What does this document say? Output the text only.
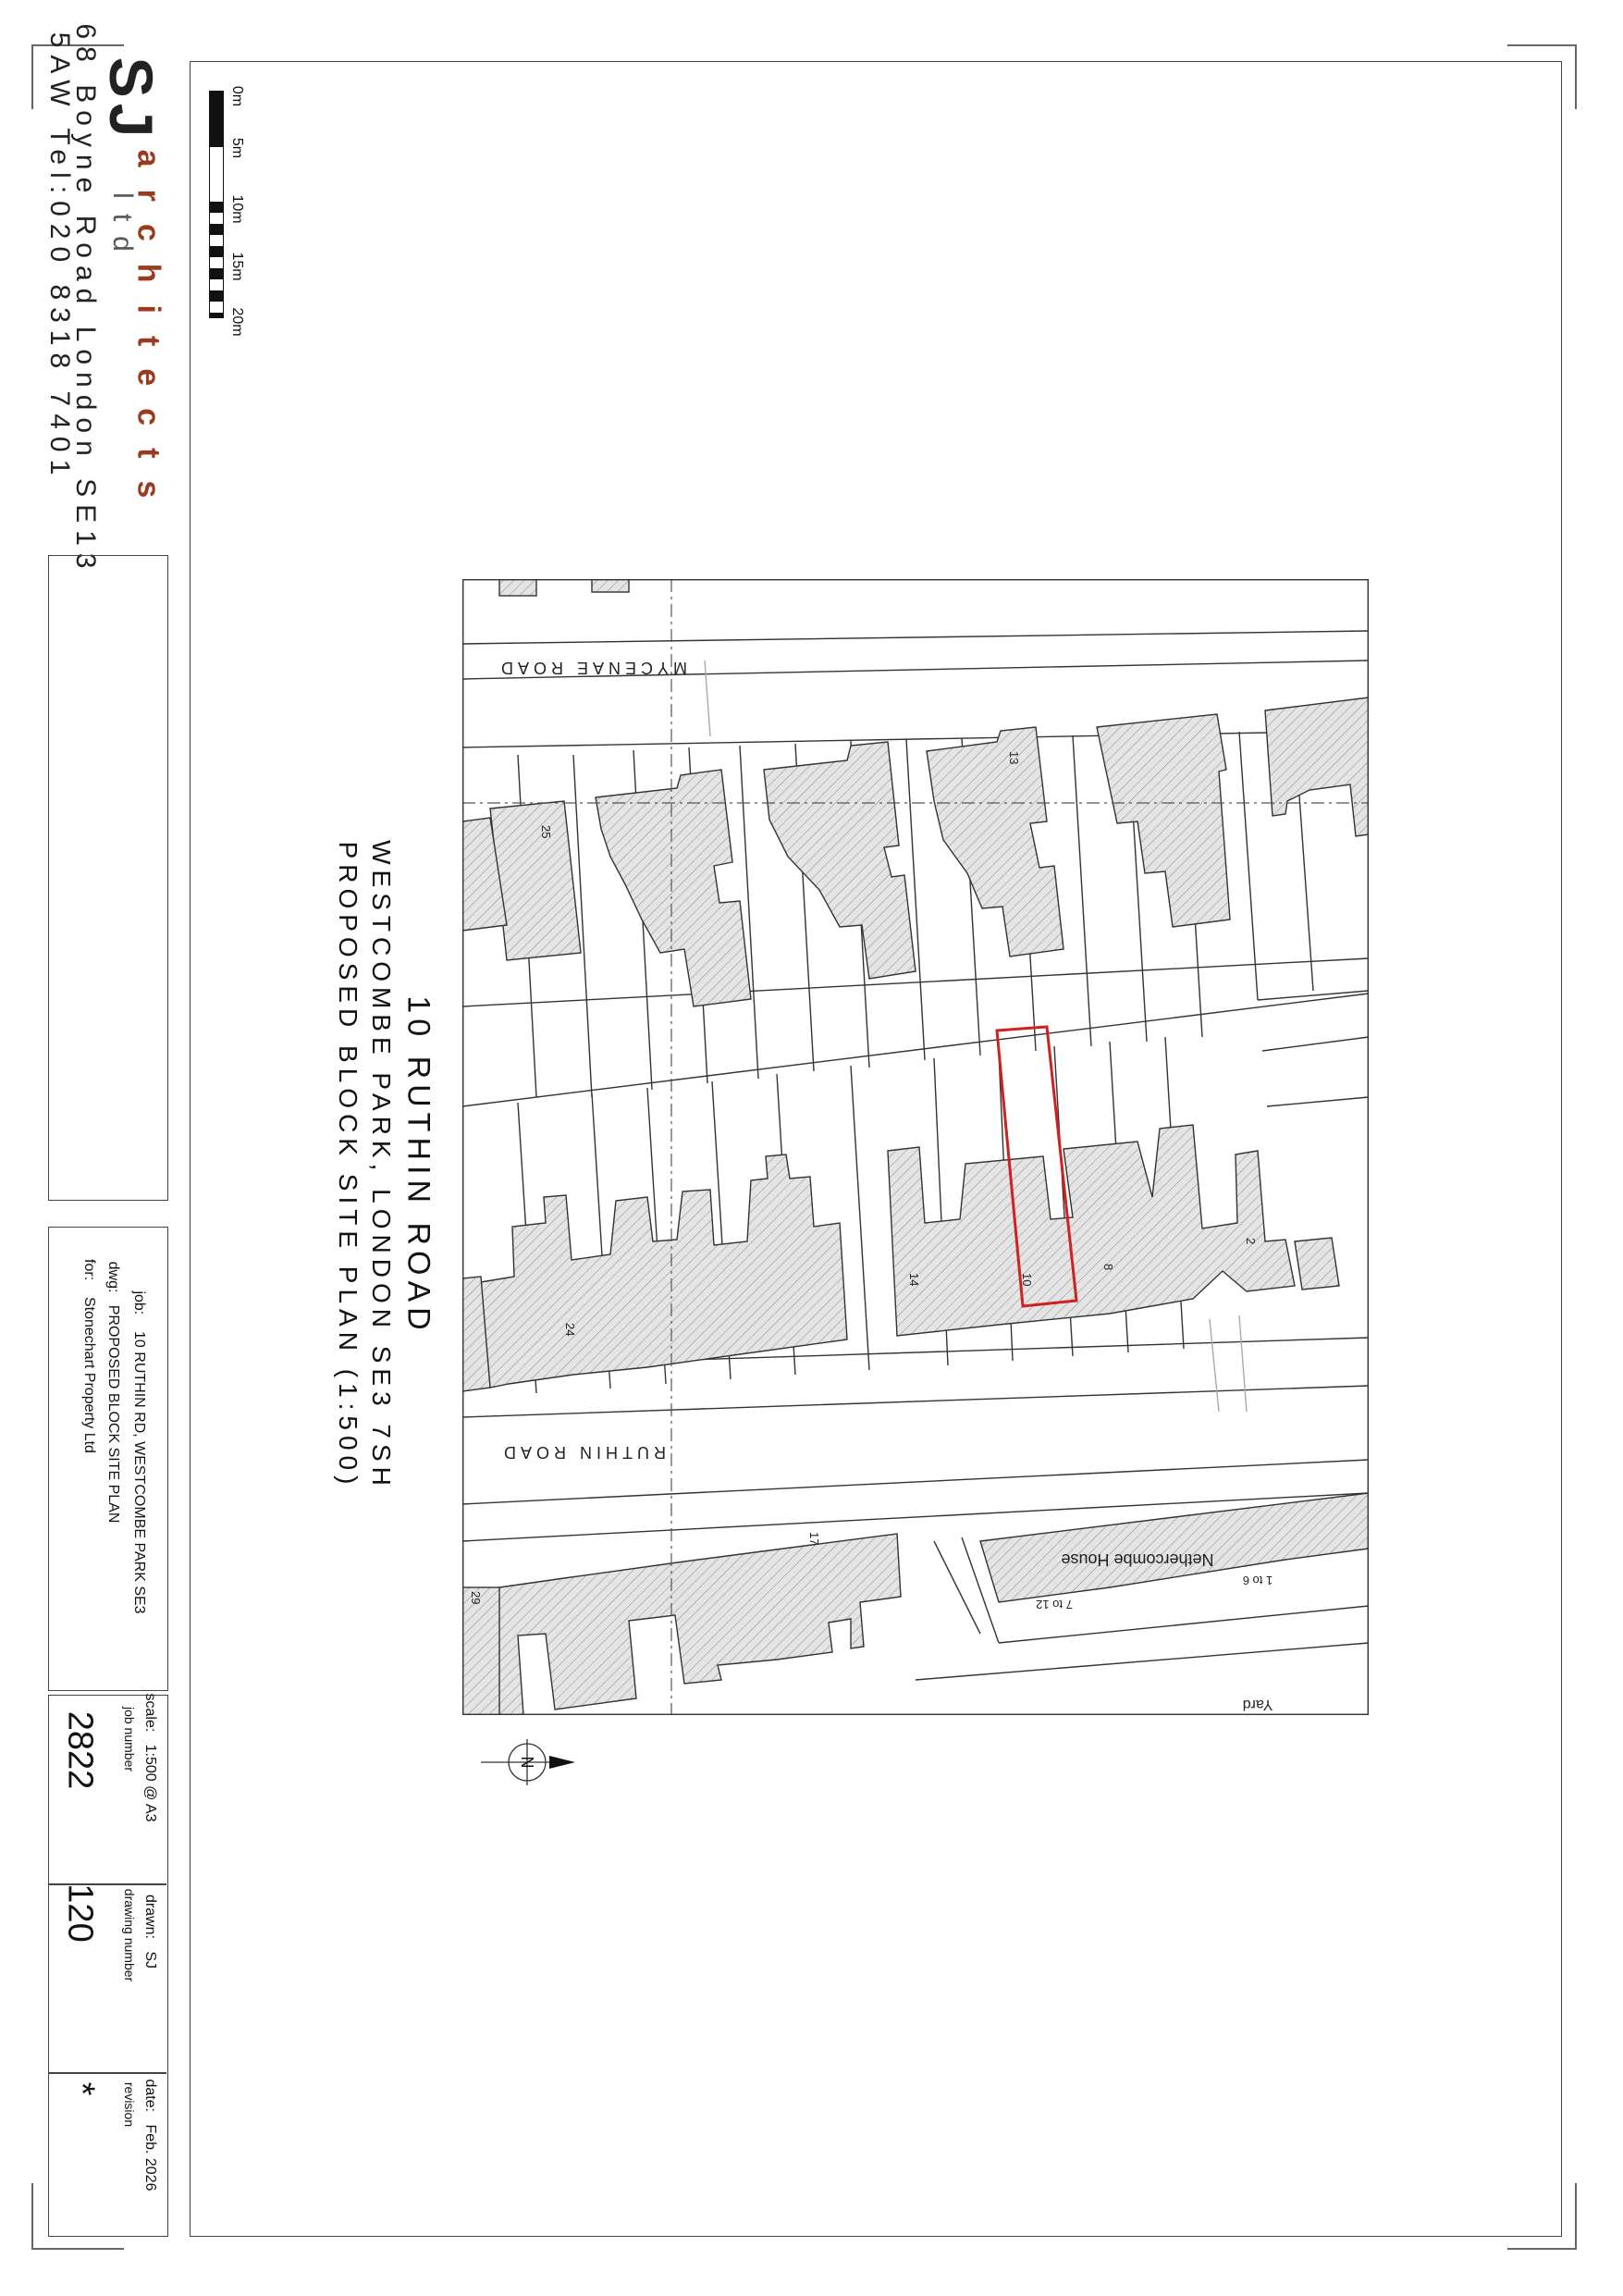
SJ
architects
ltd
68 Boyne Road London SE13
5AW Tel:020 8318 7401
job:    10 RUTHIN RD, WESTCOMBE PARK SE3
dwg:   PROPOSED BLOCK SITE PLAN
for:    Stonechart Property Ltd
scale:   1:500 @ A3
job number
2822
drawn:   SJ
drawing number
120
date:   Feb. 2026
revision
*
0m
5m
10m
15m
20m
10 RUTHIN ROAD
WESTCOMBE PARK, LONDON SE3 7SH
PROPOSED BLOCK SITE PLAN (1:500)
MYCENAE ROAD
RUTHIN ROAD
Yard
25
13
24
14	10
8
2
17
29
Nethercombe House
7 to 12
1 to 6
N
